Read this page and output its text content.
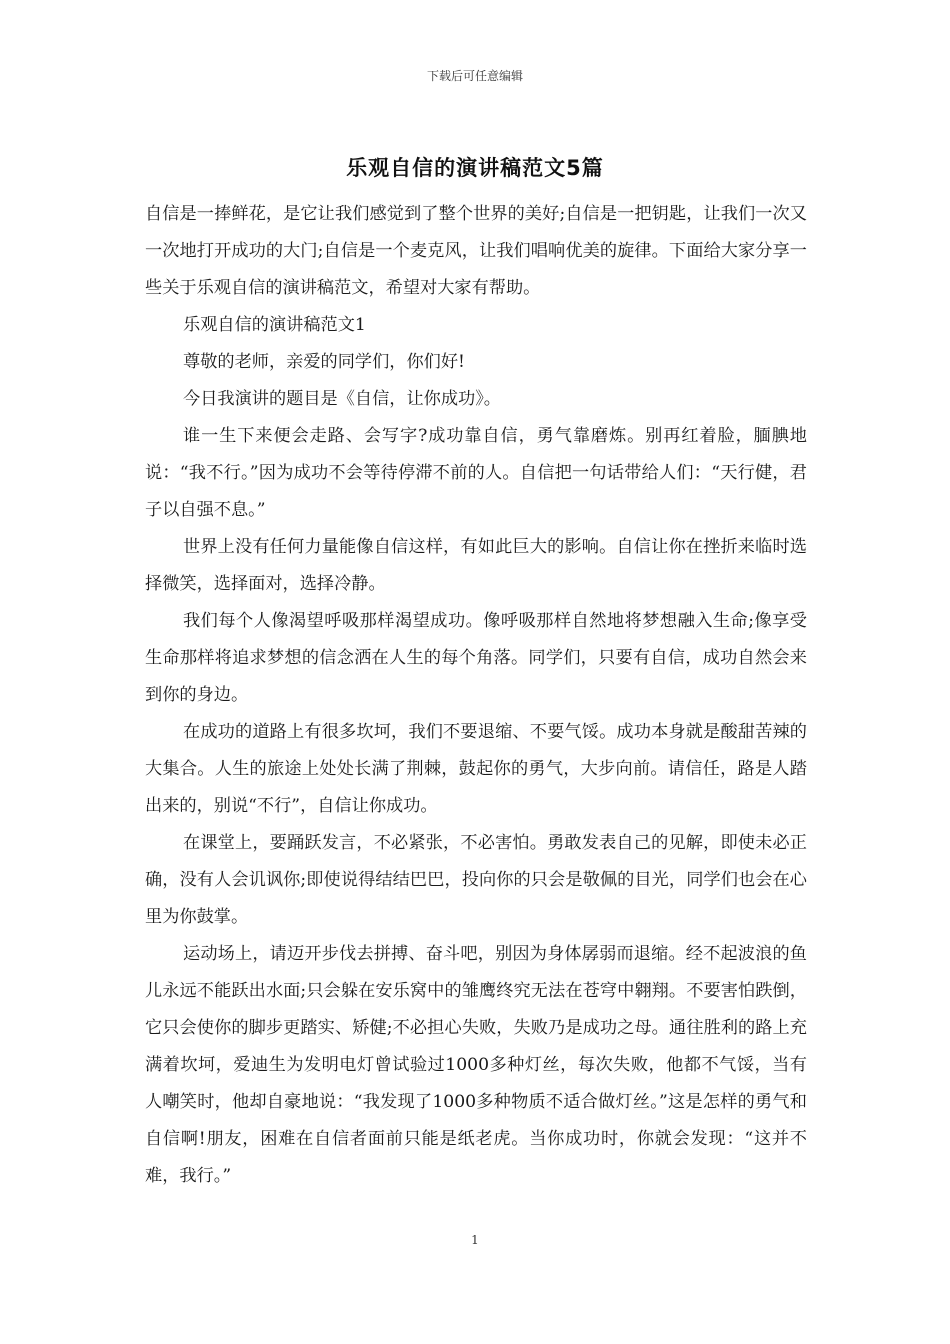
下载后可任意编辑
乐观自信的演讲稿范文5篇

自信是一捧鲜花，是它让我们感觉到了整个世界的美好;自信是一把钥匙，让我们一次又一次地打开成功的大门;自信是一个麦克风，让我们唱响优美的旋律。下面给大家分享一些关于乐观自信的演讲稿范文，希望对大家有帮助。

乐观自信的演讲稿范文1

尊敬的老师，亲爱的同学们，你们好!

今日我演讲的题目是《自信，让你成功》。

谁一生下来便会走路、会写字?成功靠自信，勇气靠磨炼。别再红着脸，腼腆地说：“我不行。”因为成功不会等待停滞不前的人。自信把一句话带给人们：“天行健，君子以自强不息。”

世界上没有任何力量能像自信这样，有如此巨大的影响。自信让你在挫折来临时选择微笑，选择面对，选择冷静。

我们每个人像渴望呼吸那样渴望成功。像呼吸那样自然地将梦想融入生命;像享受生命那样将追求梦想的信念洒在人生的每个角落。同学们，只要有自信，成功自然会来到你的身边。

在成功的道路上有很多坎坷，我们不要退缩、不要气馁。成功本身就是酸甜苦辣的大集合。人生的旅途上处处长满了荆棘，鼓起你的勇气，大步向前。请信任，路是人踏出来的，别说“不行”，自信让你成功。

在课堂上，要踊跃发言，不必紧张，不必害怕。勇敢发表自己的见解，即使未必正确，没有人会讥讽你;即使说得结结巴巴，投向你的只会是敬佩的目光，同学们也会在心里为你鼓掌。

运动场上，请迈开步伐去拼搏、奋斗吧，别因为身体孱弱而退缩。经不起波浪的鱼儿永远不能跃出水面;只会躲在安乐窝中的雏鹰终究无法在苍穹中翱翔。不要害怕跌倒，它只会使你的脚步更踏实、矫健;不必担心失败，失败乃是成功之母。通往胜利的路上充满着坎坷，爱迪生为发明电灯曾试验过1000多种灯丝，每次失败，他都不气馁，当有人嘲笑时，他却自豪地说：“我发现了1000多种物质不适合做灯丝。”这是怎样的勇气和自信啊!朋友，困难在自信者面前只能是纸老虎。当你成功时，你就会发现：“这并不难，我行。”

1
